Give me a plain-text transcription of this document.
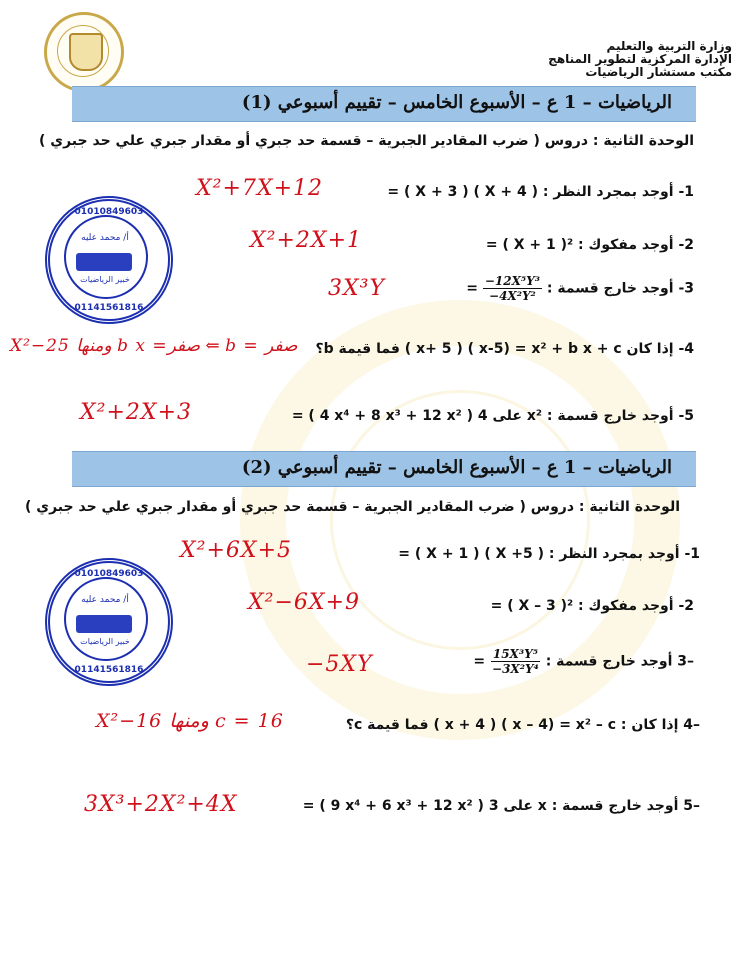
وزارة التربية والتعليم
الإدارة المركزية لتطوير المناهج
مكتب مستشار الرياضيات
الرياضيات – 1 ع – الأسبوع الخامس – تقييم أسبوعي (1)
الوحدة الثانية : دروس ( ضرب المقادير الجبرية – قسمة حد جبري أو مقدار جبري علي حد جبري )
01010849603
أ/ محمد عليه
خبير الرياضيات
01141561816
1- أوجد بمجرد النظر : ( X + 3 ) ( X + 4 ) =
X²+7X+12
2- أوجد مفكوك : ( X + 1 )² =
X²+2X+1
3- أوجد خارج قسمة :
$\frac{\text{−12X⁵Y³}}{\text{−4X²Y²}}$
=
3X³Y
4- إذا كان ( x+ 5 ) ( x-5) = x² + b x + c فما قيمة b؟
X²−25 ومنها b x =صفر ⇐ b = صفر
5- أوجد خارج قسمة : ( 4 x⁴ + 8 x³ + 12 x² ) على 4 x² =
X²+2X+3
الرياضيات – 1 ع – الأسبوع الخامس – تقييم أسبوعي (2)
الوحدة الثانية : دروس ( ضرب المقادير الجبرية – قسمة حد جبري أو مقدار جبري علي حد جبري )
01010849603
أ/ محمد عليه
خبير الرياضيات
01141561816
1- أوجد بمجرد النظر : ( X + 1 ) ( X +5 ) =
X²+6X+5
2- أوجد مفكوك : ( X – 3 )² =
X²−6X+9
–3 أوجد خارج قسمة :
$\frac{\text{15X³Y⁵}}{\text{−3X²Y⁴}}$
=
−5XY
–4 إذا كان : ( x + 4 ) ( x – 4) = x² – c فما قيمة c؟
X²−16 ومنها c = 16
–5 أوجد خارج قسمة : ( 9 x⁴ + 6 x³ + 12 x² ) على 3 x =
3X³+2X²+4X
